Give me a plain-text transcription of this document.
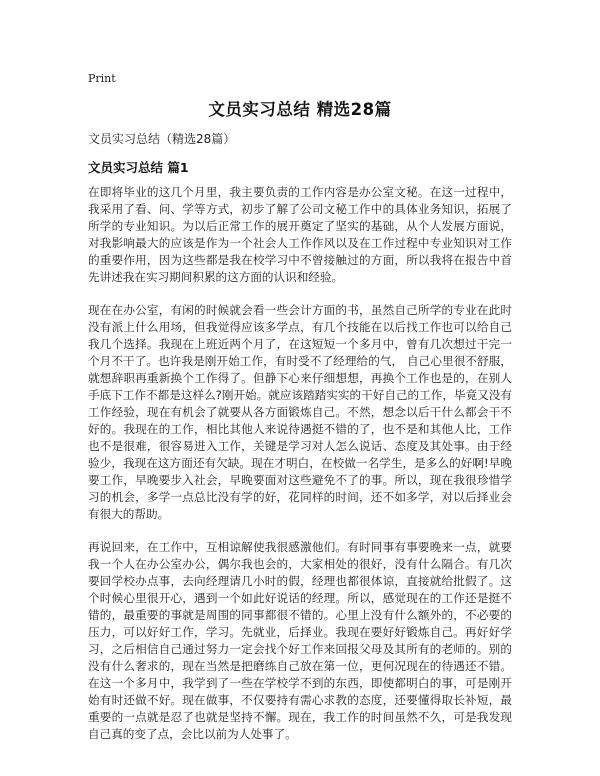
Print
文员实习总结 精选28篇
文员实习总结（精选28篇）
文员实习总结 篇1

在即将毕业的这几个月里，我主要负责的工作内容是办公室文秘。在这一过程中，我采用了看、问、学等方式，初步了解了公司文秘工作中的具体业务知识，拓展了所学的专业知识。为以后正常工作的展开奠定了坚实的基础，从个人发展方面说，对我影响最大的应该是作为一个社会人工作作风以及在工作过程中专业知识对工作的重要作用，因为这些都是我在校学习中不曾接触过的方面，所以我将在报告中首先讲述我在实习期间积累的这方面的认识和经验。

现在在办公室，有闲的时候就会看一些会计方面的书，虽然自己所学的专业在此时没有派上什么用场，但我觉得应该多学点，有几个技能在以后找工作也可以给自己我几个选择。我现在上班近两个月了，在这短短一个多月中，曾有几次想过干完一个月不干了。也许我是刚开始工作，有时受不了经理给的气， 自己心里很不舒服，就想辞职再重新换个工作得了。但静下心来仔细想想，再换个工作也是的，在别人手底下工作不都是这样么?刚开始。就应该踏踏实实的干好自己的工作，毕竟又没有工作经验，现在有机会了就要从各方面锻炼自己。不然，想念以后干什么都会干不好的。我现在的工作，相比其他人来说待遇挺不错的了，也不是和其他人比，工作也不是很难，很容易进入工作，关键是学习对人怎么说话、态度及其处事。由于经验少，我现在这方面还有欠缺。现在才明白，在校做一名学生，是多么的好啊!早晚要工作，早晚要步入社会，早晚要面对这些避免不了的事。所以，现在我很珍惜学习的机会，多学一点总比没有学的好，花同样的时间，还不如多学，对以后择业会有很大的帮助。

再说回来，在工作中，互相谅解使我很感激他们。有时同事有事要晚来一点，就要我一个人在办公室办公，偶尔我也会的，大家相处的很好，没有什么隔合。有几次要回学校办点事，去向经理请几小时的假，经理也都很体谅，直接就给批假了。这个时候心里很开心，遇到一个如此好说话的经理。所以，感觉现在的工作还是挺不错的，最重要的事就是周围的同事都很不错的。心里上没有什么额外的，不必要的压力，可以好好工作，学习。先就业，后择业。我现在要好好锻炼自己。再好好学习，之后相信自己通过努力一定会找个好工作来回报父母及其所有的老师的。别的没有什么奢求的，现在当然是把磨练自己放在第一位，更何况现在的待遇还不错。在这一个多月中，我学到了一些在学校学不到的东西，即使都明白的事，可是刚开始有时还做不好。现在做事，不仅要持有需心求教的态度，还要懂得取长补短，最重要的一点就是忍了也就是坚持不懈。现在，我工作的时间虽然不久，可是我发现自己真的变了点，会比以前为人处事了。
